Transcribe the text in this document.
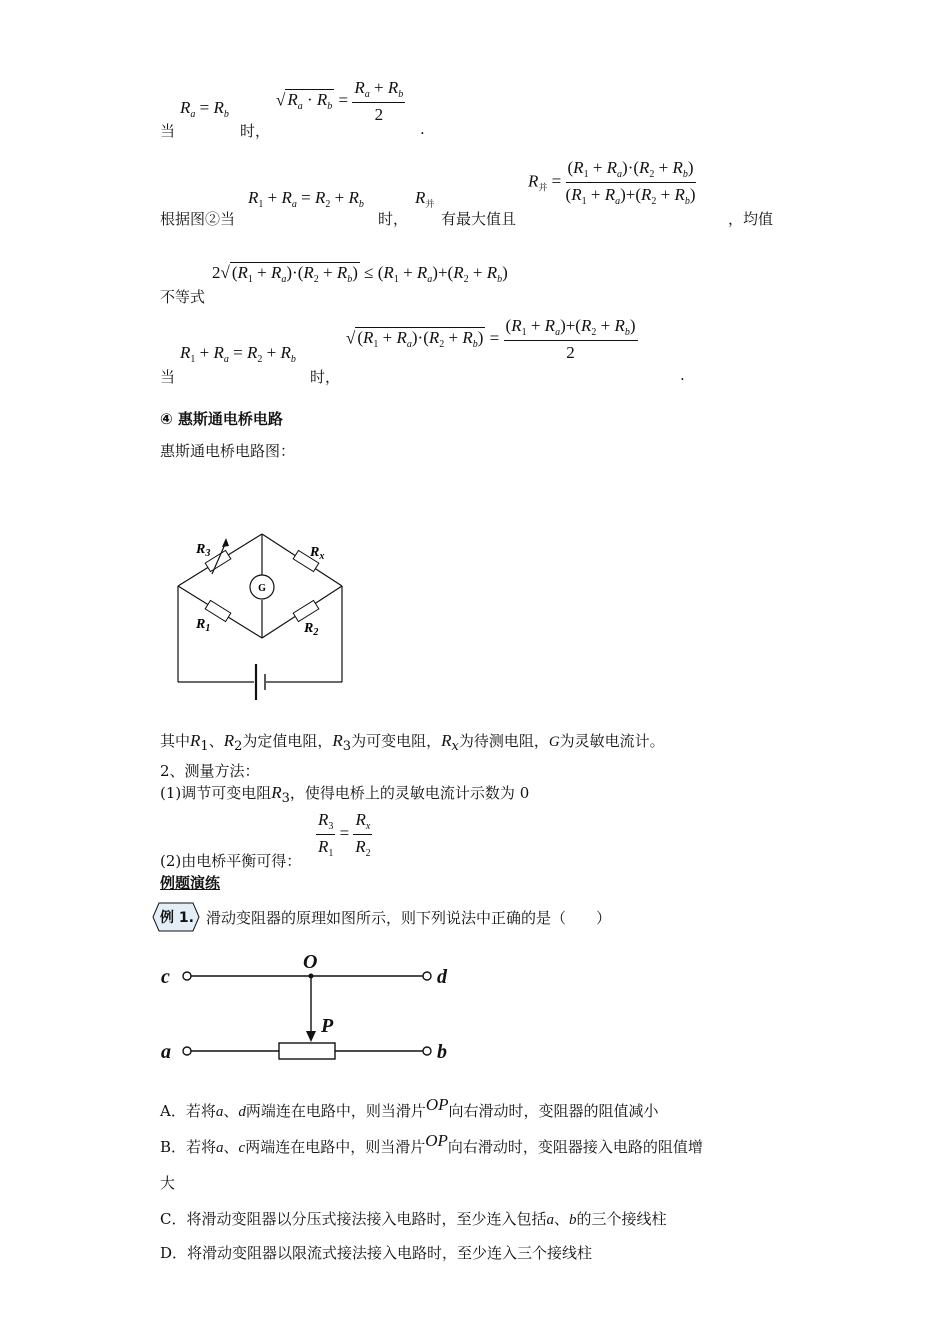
当
$R_a = R_b$
时，
√ $R_a \cdot R_b = \frac{R_a + R_b}{2}$
.
根据图②当
$R_1 + R_a = R_2 + R_b$
时，
$R_并$
有最大值且
$R_并 = \frac{(R_1 + R_a)\cdot(R_2 + R_b)}{(R_1 + R_a)+(R_2 + R_b)}$
，均值
2√ $(R_1 + R_a)\cdot(R_2 + R_b) \le (R_1 + R_a)+(R_2 + R_b)$
不等式
当
$R_1 + R_a = R_2 + R_b$
时，
√ $(R_1 + R_a)\cdot(R_2 + R_b) = \frac{(R_1 + R_a)+(R_2 + R_b)}{2}$
.
④ 惠斯通电桥电路
惠斯通电桥电路图：
G
$R_3$	$R_x$
$R_1$	$R_2$
其中R1、R2为定值电阻，R3为可变电阻，Rx为待测电阻，G为灵敏电流计。
2、测量方法：
(1)调节可变电阻R3，使得电桥上的灵敏电流计示数为 0
(2)由电桥平衡可得：
$\frac{R_3}{R_1} = \frac{R_x}{R_2}$
例题演练
例 1. 滑动变阻器的原理如图所示，则下列说法中正确的是（　　）
c	d
O
P
a	b
A．若将a、d两端连在电路中，则当滑片OP向右滑动时，变阻器的阻值减小
B．若将a、c两端连在电路中，则当滑片OP向右滑动时，变阻器接入电路的阻值增
大
C．将滑动变阻器以分压式接法接入电路时，至少连入包括a、b的三个接线柱
D．将滑动变阻器以限流式接法接入电路时，至少连入三个接线柱
